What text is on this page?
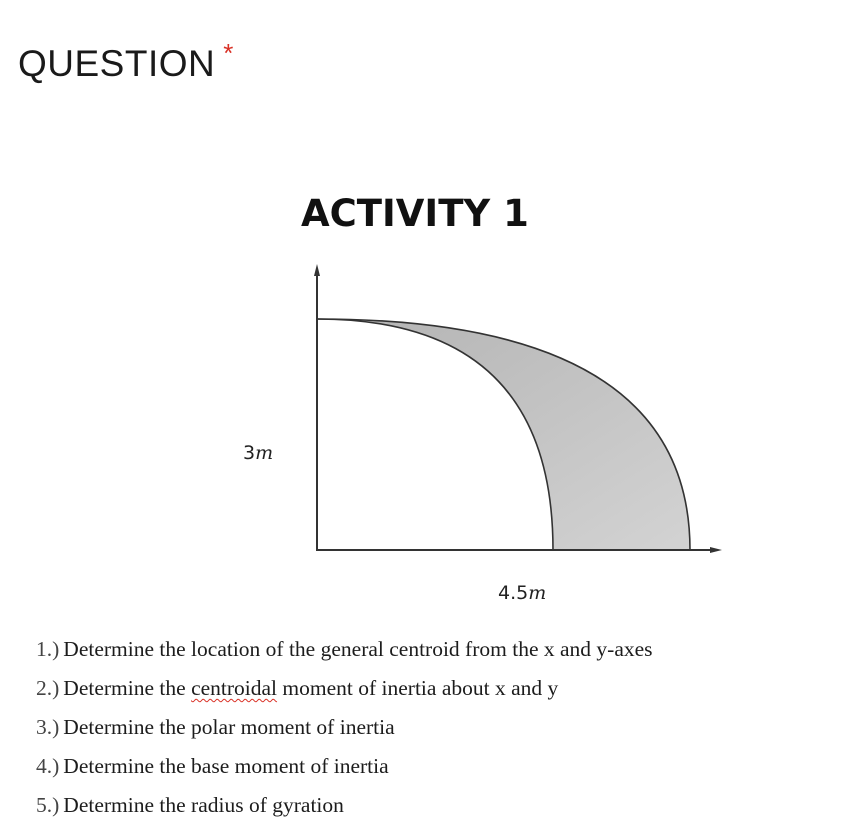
QUESTION *
ACTIVITY 1
3m
4.5m
1.) Determine the location of the general centroid from the x and y-axes
2.) Determine the centroidal moment of inertia about x and y
3.) Determine the polar moment of inertia
4.) Determine the base moment of inertia
5.) Determine the radius of gyration
